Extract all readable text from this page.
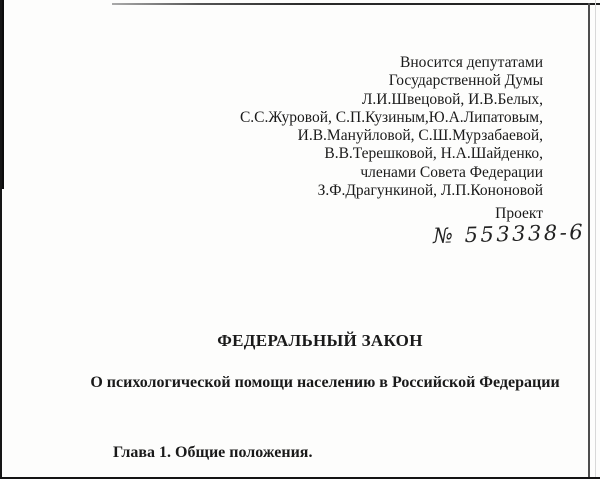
Вносится депутатами
Государственной Думы
Л.И.Швецовой, И.В.Белых,
С.С.Журовой, С.П.Кузиным,Ю.А.Липатовым,
И.В.Мануйловой, С.Ш.Мурзабаевой,
В.В.Терешковой, Н.А.Шайденко,
членами Совета Федерации
З.Ф.Драгункиной, Л.П.Кононовой
Проект
№ 553338-6
ФЕДЕРАЛЬНЫЙ ЗАКОН
О психологической помощи населению в Российской Федерации
Глава 1. Общие положения.
